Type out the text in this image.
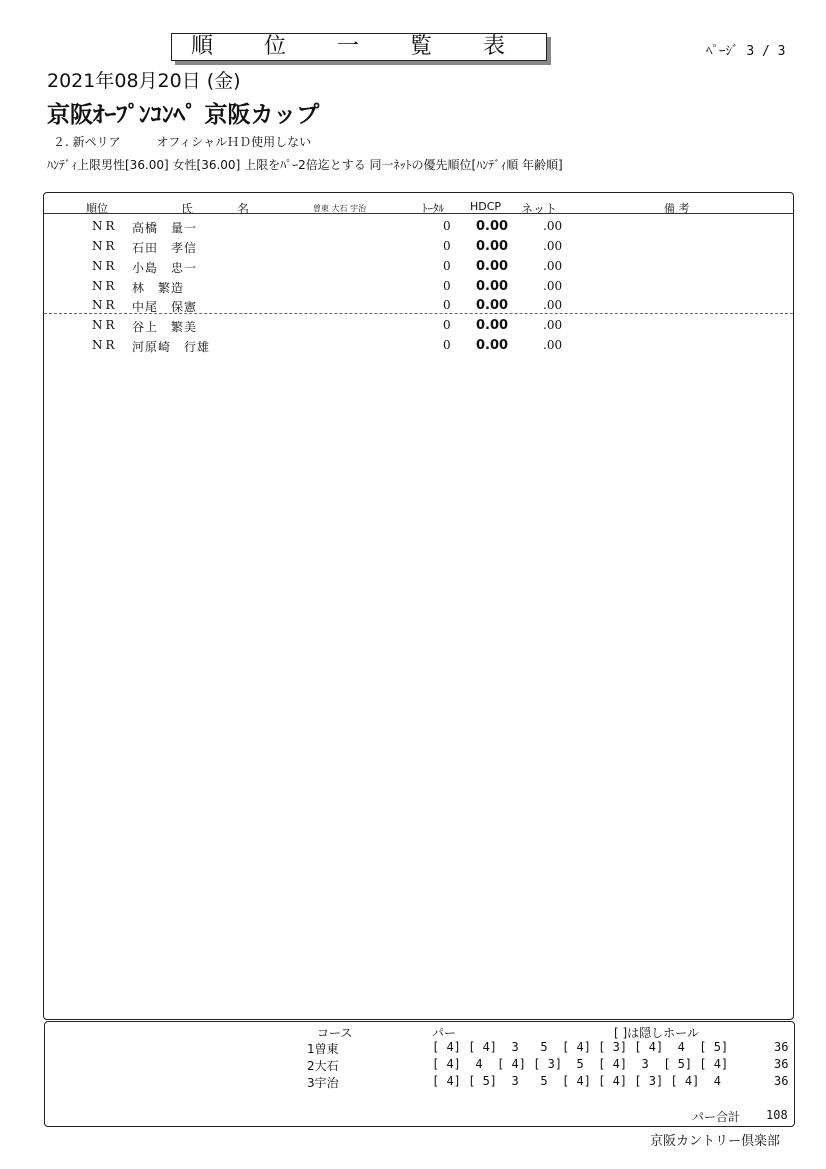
順 位 一 覧 表	ﾍﾟｰｼﾞ 3 / 3
2021年08月20日 (金)
京阪ｵｰﾌﾟﾝｺﾝﾍﾟ 京阪カップ
２. 新ペリア　　　オフィシャルＨＤ使用しない
ﾊﾝﾃﾞｨ上限男性[36.00] 女性[36.00] 上限をﾊﾟｰ2倍迄とする 同一ﾈｯﾄの優先順位[ﾊﾝﾃﾞｨ順 年齢順]
順位	氏	名	曽東 大石 宇治	ﾄｰﾀﾙ HDCP ネット	備 考
NR 高橋　量一	0 0.00	.00
NR 石田　孝信	0 0.00	.00
NR 小島　忠一	0 0.00	.00
NR 林　繁造	0 0.00	.00
NR 中尾　保憲	0 0.00	.00
NR 谷上　繁美	0 0.00	.00
NR 河原崎　行雄	0 0.00	.00
コース	パー	[ ]は隠しホール
1曽東	[ 4] [ 4]  3   5  [ 4] [ 3] [ 4]  4  [ 5]	36
2大石	[ 4]  4  [ 4] [ 3]  5  [ 4]  3  [ 5] [ 4]	36
3宇治	[ 4] [ 5]  3   5  [ 4] [ 4] [ 3] [ 4]  4	36
パー合計 108
京阪カントリー倶楽部
